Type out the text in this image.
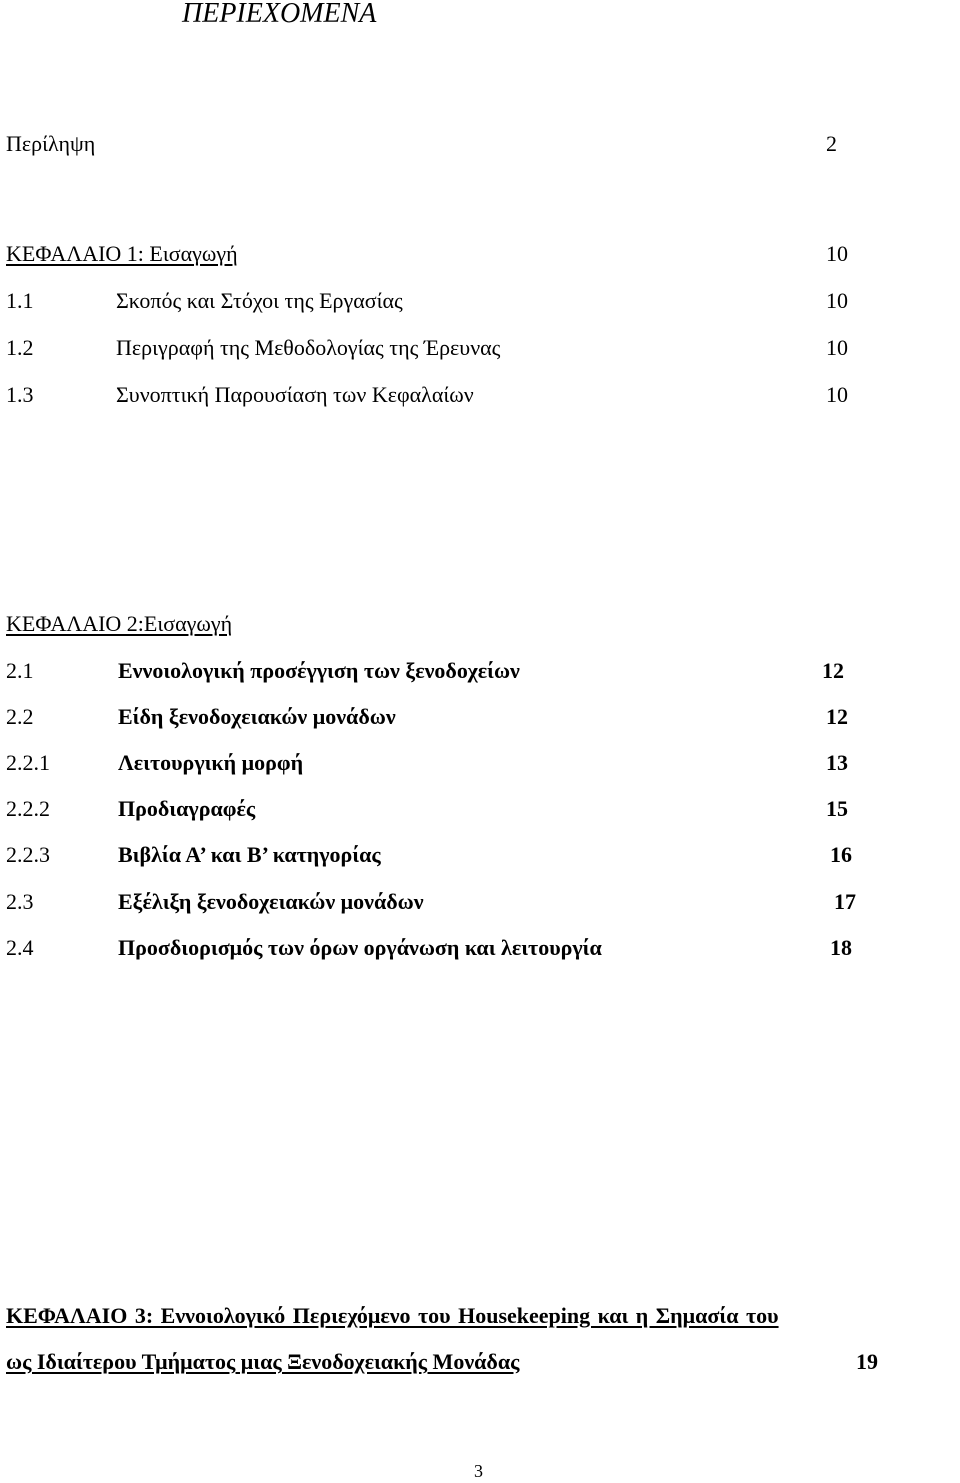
ΠΕΡΙΕΧΟΜΕΝΑ
Περίληψη	2
ΚΕΦΑΛΑΙΟ 1: Εισαγωγή	10
1.1	Σκοπός και Στόχοι της Εργασίας	10
1.2	Περιγραφή της Μεθοδολογίας της Έρευνας	10
1.3	Συνοπτική Παρουσίαση των Κεφαλαίων	10
ΚΕΦΑΛΑΙΟ 2:Εισαγωγή
2.1	Εννοιολογική προσέγγιση των ξενοδοχείων	12
2.2	Είδη ξενοδοχειακών μονάδων	12
2.2.1	Λειτουργική μορφή	13
2.2.2	Προδιαγραφές	15
2.2.3	Βιβλία Α’ και Β’ κατηγορίας	16
2.3	Εξέλιξη ξενοδοχειακών μονάδων	17
2.4	Προσδιορισμός των όρων οργάνωση και λειτουργία	18
ΚΕΦΑΛΑΙΟ 3: Εννοιολογικό Περιεχόμενο του Housekeeping και η Σημασία του
ως Ιδιαίτερου Τμήματος μιας Ξενοδοχειακής Μονάδας	19
3
